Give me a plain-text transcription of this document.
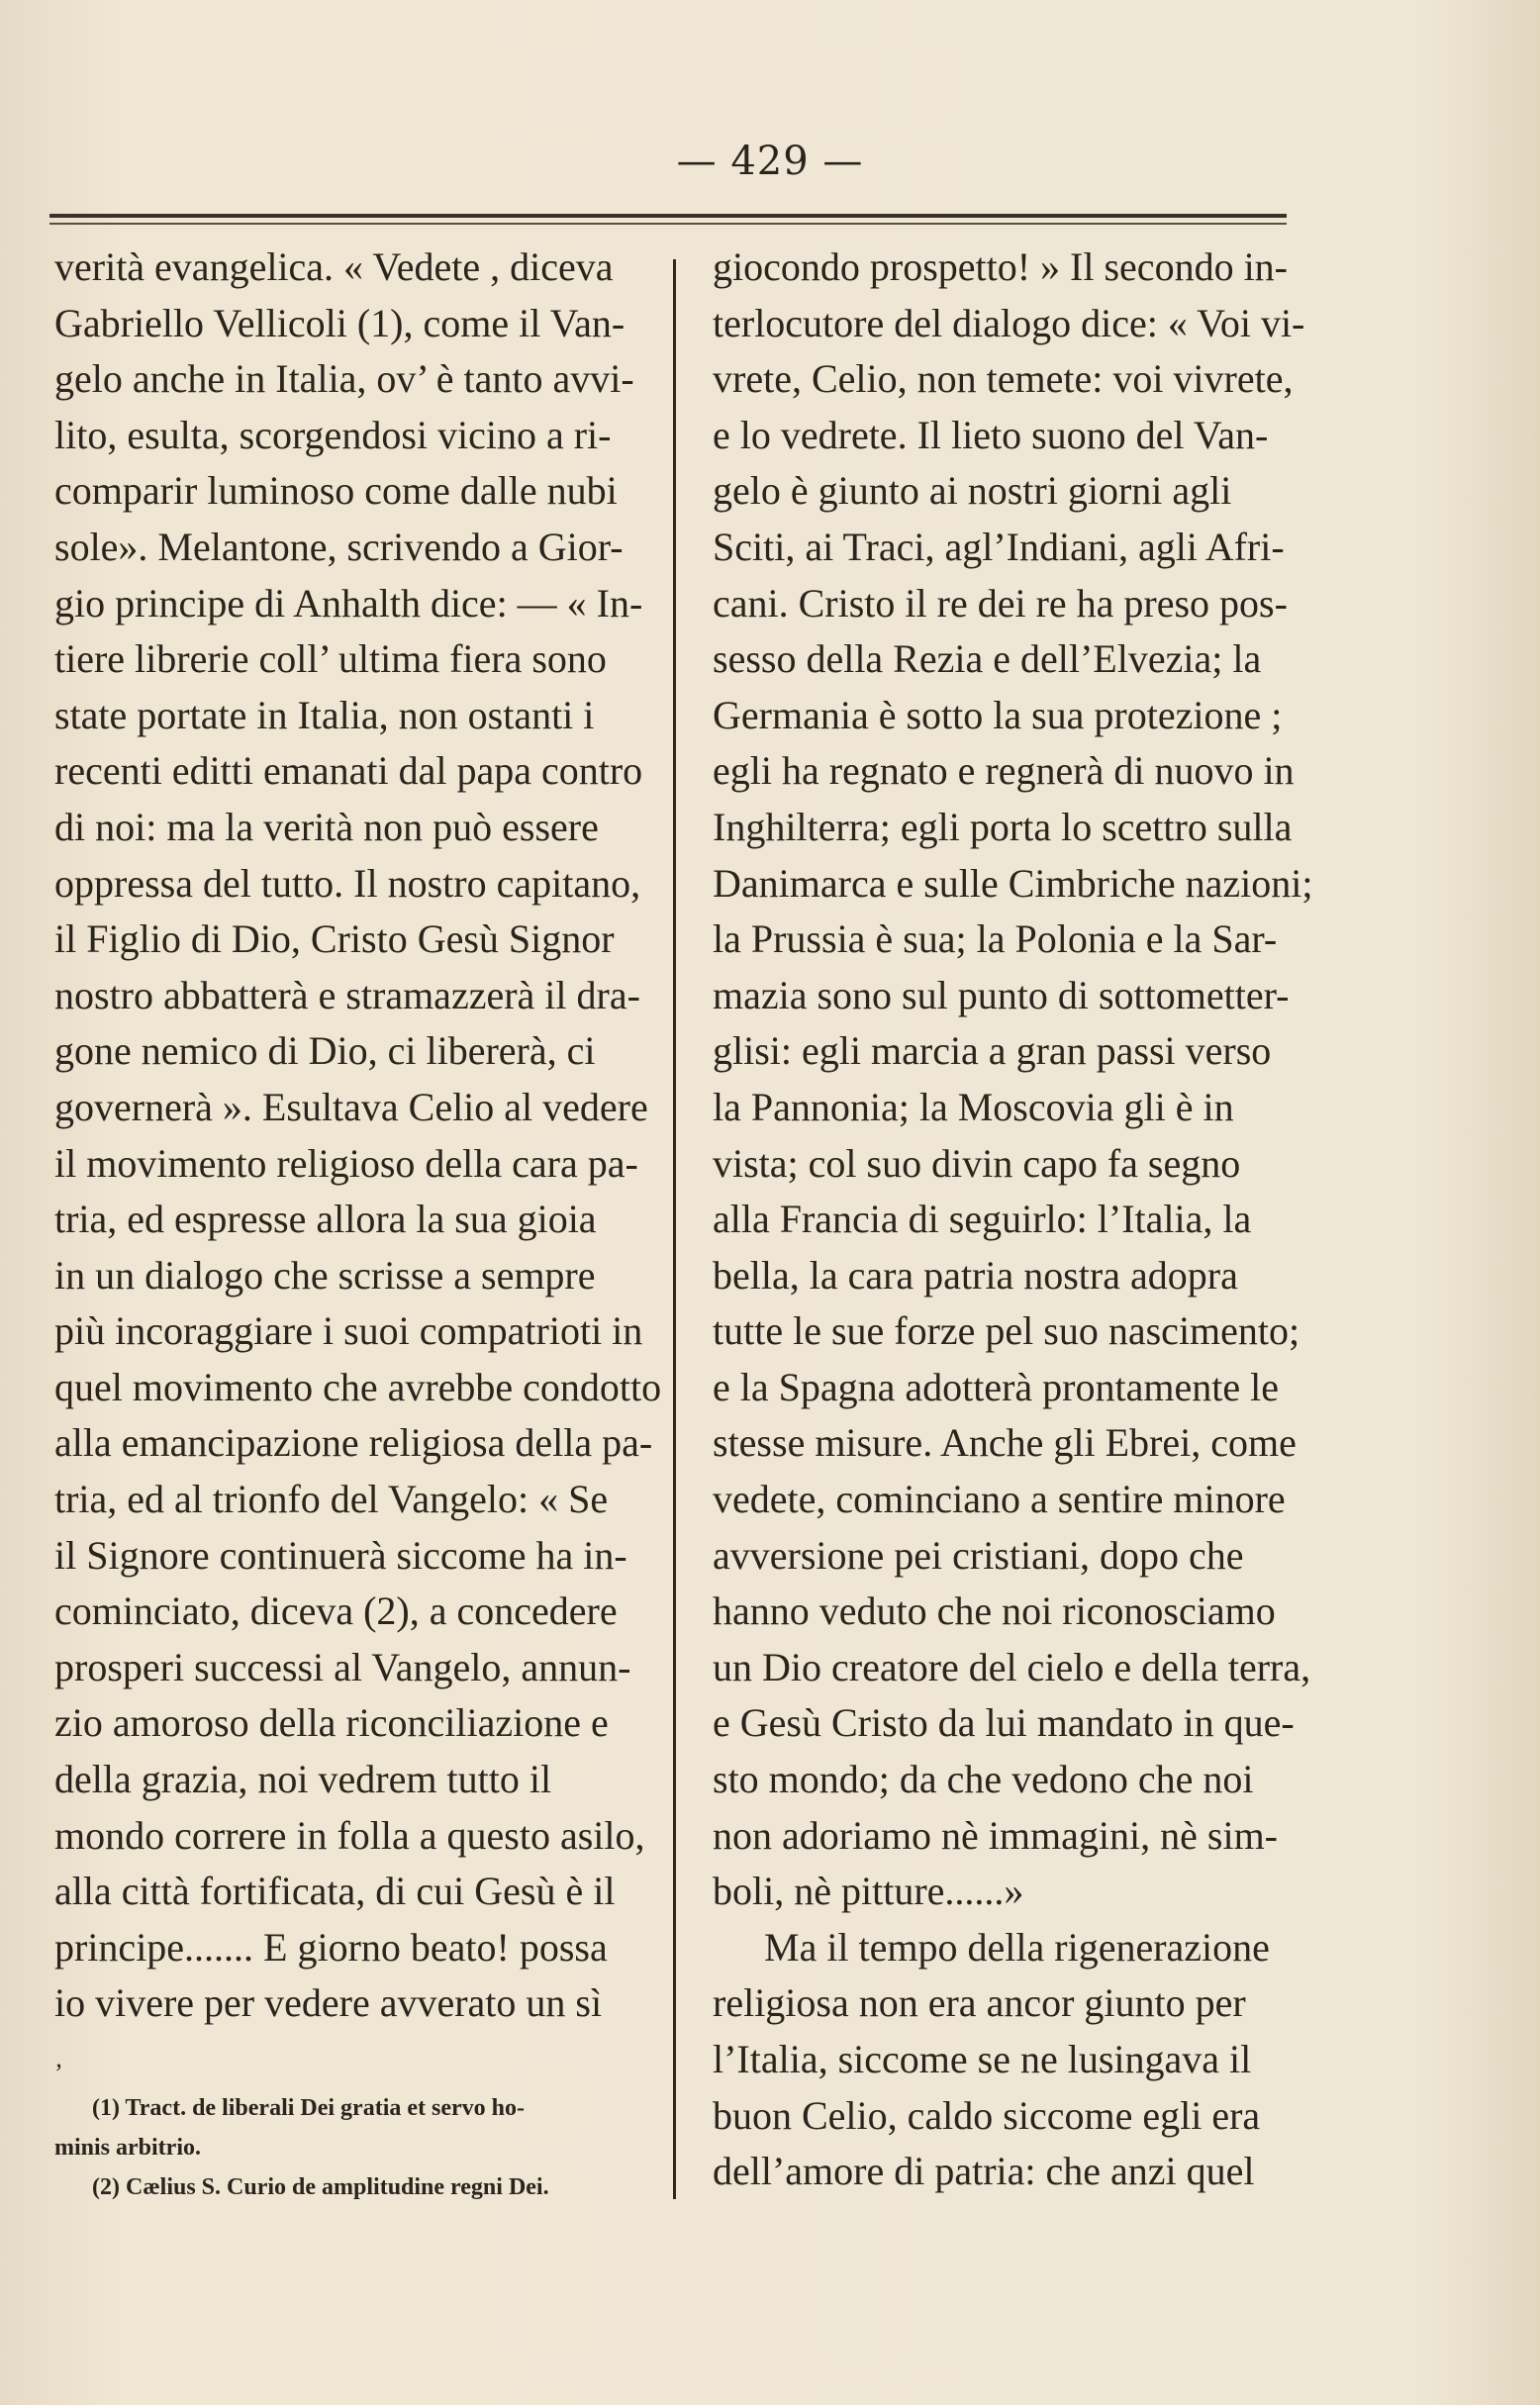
— 429 —
verità evangelica. « Vedete , diceva
Gabriello Vellicoli (1), come il Van-
gelo anche in Italia, ov’ è tanto avvi-
lito, esulta, scorgendosi vicino a ri-
comparir luminoso come dalle nubi
sole». Melantone, scrivendo a Gior-
gio principe di Anhalth dice: — « In-
tiere librerie coll’ ultima fiera sono
state portate in Italia, non ostanti i
recenti editti emanati dal papa contro
di noi: ma la verità non può essere
oppressa del tutto. Il nostro capitano,
il Figlio di Dio, Cristo Gesù Signor
nostro abbatterà e stramazzerà il dra-
gone nemico di Dio, ci libererà, ci
governerà ». Esultava Celio al vedere
il movimento religioso della cara pa-
tria, ed espresse allora la sua gioia
in un dialogo che scrisse a sempre
più incoraggiare i suoi compatrioti in
quel movimento che avrebbe condotto
alla emancipazione religiosa della pa-
tria, ed al trionfo del Vangelo: « Se
il Signore continuerà siccome ha in-
cominciato, diceva (2), a concedere
prosperi successi al Vangelo, annun-
zio amoroso della riconciliazione e
della grazia, noi vedrem tutto il
mondo correre in folla a questo asilo,
alla città fortificata, di cui Gesù è il
principe....... E giorno beato! possa
io vivere per vedere avverato un sì
giocondo prospetto! » Il secondo in-
terlocutore del dialogo dice: « Voi vi-
vrete, Celio, non temete: voi vivrete,
e lo vedrete. Il lieto suono del Van-
gelo è giunto ai nostri giorni agli
Sciti, ai Traci, agl’Indiani, agli Afri-
cani. Cristo il re dei re ha preso pos-
sesso della Rezia e dell’Elvezia; la
Germania è sotto la sua protezione ;
egli ha regnato e regnerà di nuovo in
Inghilterra; egli porta lo scettro sulla
Danimarca e sulle Cimbriche nazioni;
la Prussia è sua; la Polonia e la Sar-
mazia sono sul punto di sottometter-
glisi: egli marcia a gran passi verso
la Pannonia; la Moscovia gli è in
vista; col suo divin capo fa segno
alla Francia di seguirlo: l’Italia, la
bella, la cara patria nostra adopra
tutte le sue forze pel suo nascimento;
e la Spagna adotterà prontamente le
stesse misure. Anche gli Ebrei, come
vedete, cominciano a sentire minore
avversione pei cristiani, dopo che
hanno veduto che noi riconosciamo
un Dio creatore del cielo e della terra,
e Gesù Cristo da lui mandato in que-
sto mondo; da che vedono che noi
non adoriamo nè immagini, nè sim-
boli, nè pitture......»
Ma il tempo della rigenerazione
religiosa non era ancor giunto per
l’Italia, siccome se ne lusingava il
buon Celio, caldo siccome egli era
dell’amore di patria: che anzi quel
ʼ
(1) Tract. de liberali Dei gratia et servo ho-
minis arbitrio.
(2) Cælius S. Curio de amplitudine regni Dei.
